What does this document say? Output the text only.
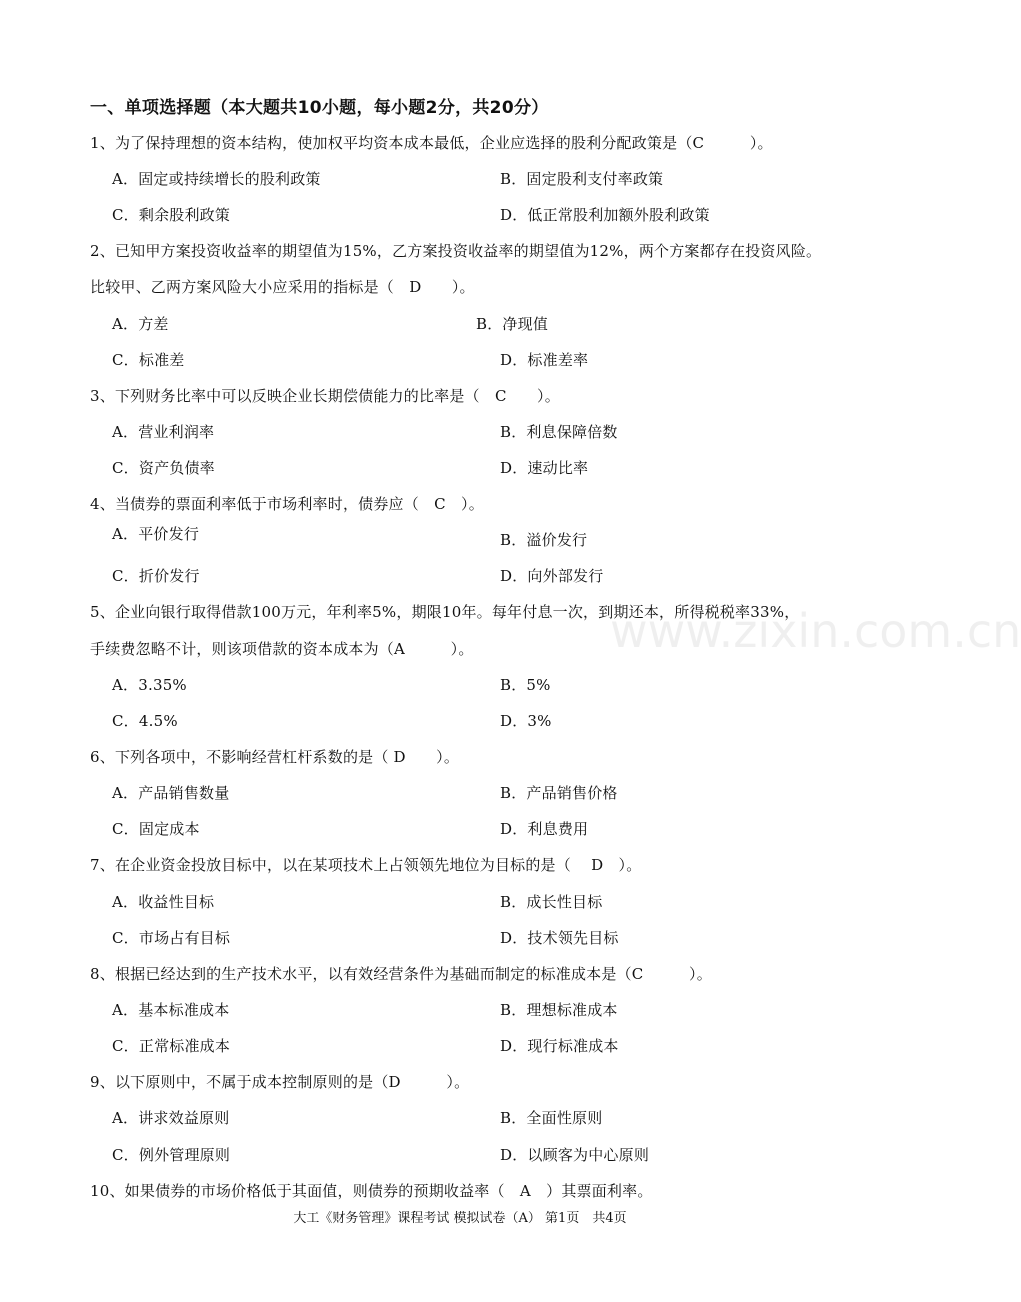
一、单项选择题（本大题共10小题，每小题2分，共20分）
1、为了保持理想的资本结构，使加权平均资本成本最低，企业应选择的股利分配政策是（C　　　）。
A．固定或持续增长的股利政策	B．固定股利支付率政策
C．剩余股利政策	D．低正常股利加额外股利政策
2、已知甲方案投资收益率的期望值为15%，乙方案投资收益率的期望值为12%，两个方案都存在投资风险。
比较甲、乙两方案风险大小应采用的指标是（　D　　）。
A．方差	B．净现值
C．标准差	D．标准差率
3、下列财务比率中可以反映企业长期偿债能力的比率是（　C　　）。
A．营业利润率	B．利息保障倍数
C．资产负债率	D．速动比率
4、当债券的票面利率低于市场利率时，债券应（　C　）。
A．平价发行	B．溢价发行
C．折价发行	D．向外部发行
5、企业向银行取得借款100万元，年利率5%，期限10年。每年付息一次，到期还本，所得税税率33%，
手续费忽略不计，则该项借款的资本成本为（A　　　）。
A．3.35%	B．5%
C．4.5%	D．3%
6、下列各项中，不影响经营杠杆系数的是（ D　　）。
A．产品销售数量	B．产品销售价格
C．固定成本	D．利息费用
7、在企业资金投放目标中，以在某项技术上占领领先地位为目标的是（　 D　）。
A．收益性目标	B．成长性目标
C．市场占有目标	D．技术领先目标
8、根据已经达到的生产技术水平，以有效经营条件为基础而制定的标准成本是（C　　　）。
A．基本标准成本	B．理想标准成本
C．正常标准成本	D．现行标准成本
9、以下原则中，不属于成本控制原则的是（D　　　）。
A．讲求效益原则	B．全面性原则
C．例外管理原则	D．以顾客为中心原则
10、如果债券的市场价格低于其面值，则债券的预期收益率（　A　）其票面利率。
大工《财务管理》课程考试 模拟试卷（A） 第1页　共4页
www.zixin.com.cn
